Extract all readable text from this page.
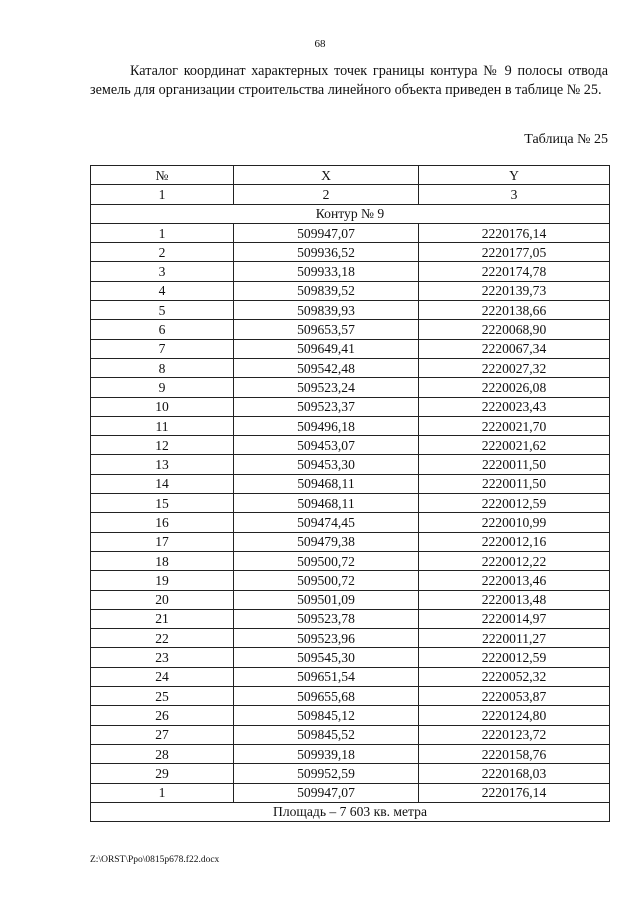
68

Каталог координат характерных точек границы контура № 9 полосы отвода земель для организации строительства линейного объекта приведен в таблице № 25.

Таблица № 25
№	X	Y
1	2	3
Контур № 9		
1	509947,07	2220176,14
2	509936,52	2220177,05
3	509933,18	2220174,78
4	509839,52	2220139,73
5	509839,93	2220138,66
6	509653,57	2220068,90
7	509649,41	2220067,34
8	509542,48	2220027,32
9	509523,24	2220026,08
10	509523,37	2220023,43
11	509496,18	2220021,70
12	509453,07	2220021,62
13	509453,30	2220011,50
14	509468,11	2220011,50
15	509468,11	2220012,59
16	509474,45	2220010,99
17	509479,38	2220012,16
18	509500,72	2220012,22
19	509500,72	2220013,46
20	509501,09	2220013,48
21	509523,78	2220014,97
22	509523,96	2220011,27
23	509545,30	2220012,59
24	509651,54	2220052,32
25	509655,68	2220053,87
26	509845,12	2220124,80
27	509845,52	2220123,72
28	509939,18	2220158,76
29	509952,59	2220168,03
1	509947,07	2220176,14
Площадь – 7 603 кв. метра		
Z:\ORST\Ppo\0815p678.f22.docx
